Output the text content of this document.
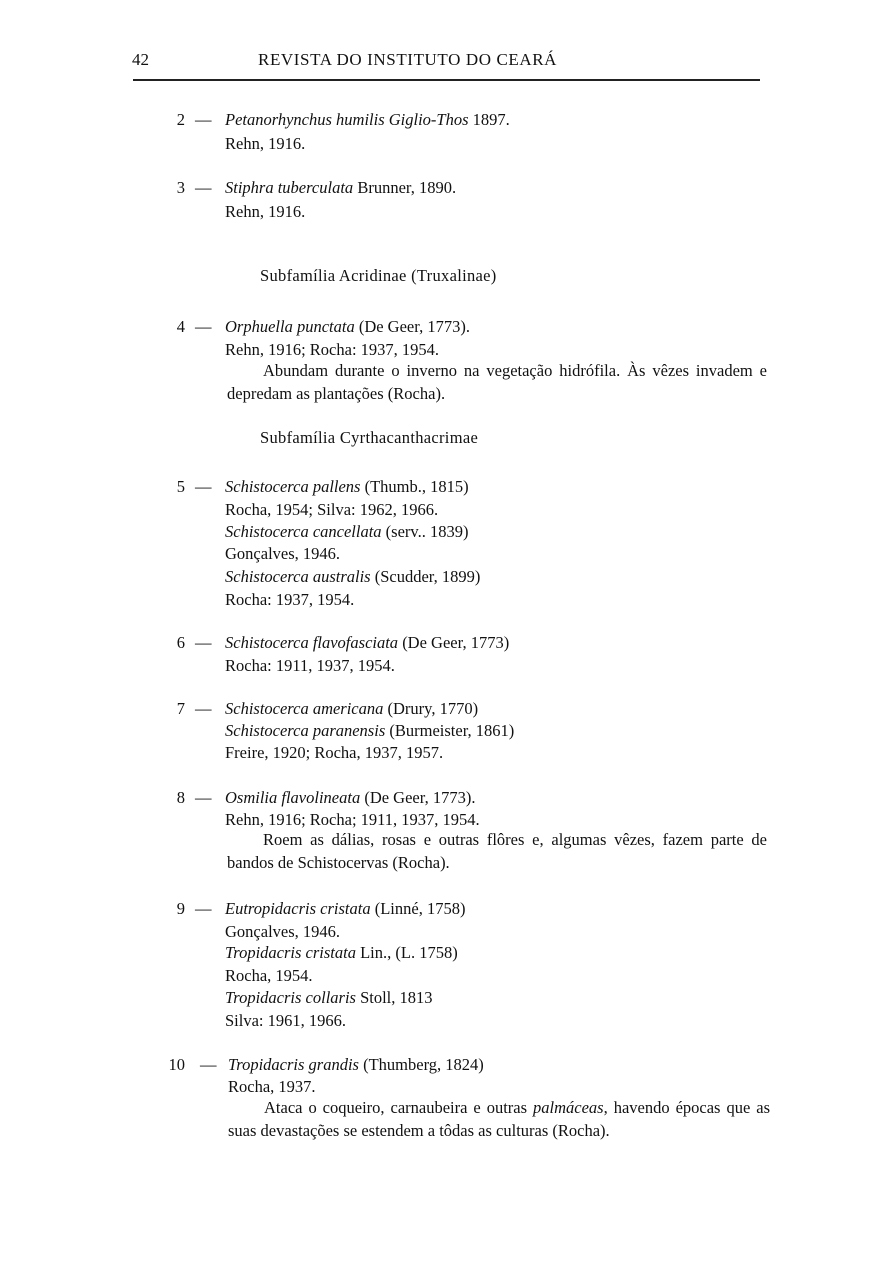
42	REVISTA DO INSTITUTO DO CEARÁ
2 — Petanorhynchus humilis Giglio-Thos 1897.
Rehn, 1916.
3 — Stiphra tuberculata Brunner, 1890.
Rehn, 1916.
Subfamília Acridinae (Truxalinae)
4 — Orphuella punctata (De Geer, 1773).
Rehn, 1916; Rocha: 1937, 1954.
Abundam durante o inverno na vegetação hidrófila. Às vêzes invadem e depredam as plantações (Rocha).
Subfamília Cyrthacanthacrimae
5 — Schistocerca pallens (Thumb., 1815)
Rocha, 1954; Silva: 1962, 1966.
Schistocerca cancellata (serv.. 1839)
Gonçalves, 1946.
Schistocerca australis (Scudder, 1899)
Rocha: 1937, 1954.
6 — Schistocerca flavofasciata (De Geer, 1773)
Rocha: 1911, 1937, 1954.
7 — Schistocerca americana (Drury, 1770)
Schistocerca paranensis (Burmeister, 1861)
Freire, 1920; Rocha, 1937, 1957.
8 — Osmilia flavolineata (De Geer, 1773).
Rehn, 1916; Rocha; 1911, 1937, 1954.
Roem as dálias, rosas e outras flôres e, algumas vêzes, fazem parte de bandos de Schistocervas (Rocha).
9 — Eutropidacris cristata (Linné, 1758)
Gonçalves, 1946.
Tropidacris cristata Lin., (L. 1758)
Rocha, 1954.
Tropidacris collaris Stoll, 1813
Silva: 1961, 1966.
10 — Tropidacris grandis (Thumberg, 1824)
Rocha, 1937.
Ataca o coqueiro, carnaubeira e outras palmáceas, havendo épocas que as suas devastações se estendem a tôdas as culturas (Rocha).
